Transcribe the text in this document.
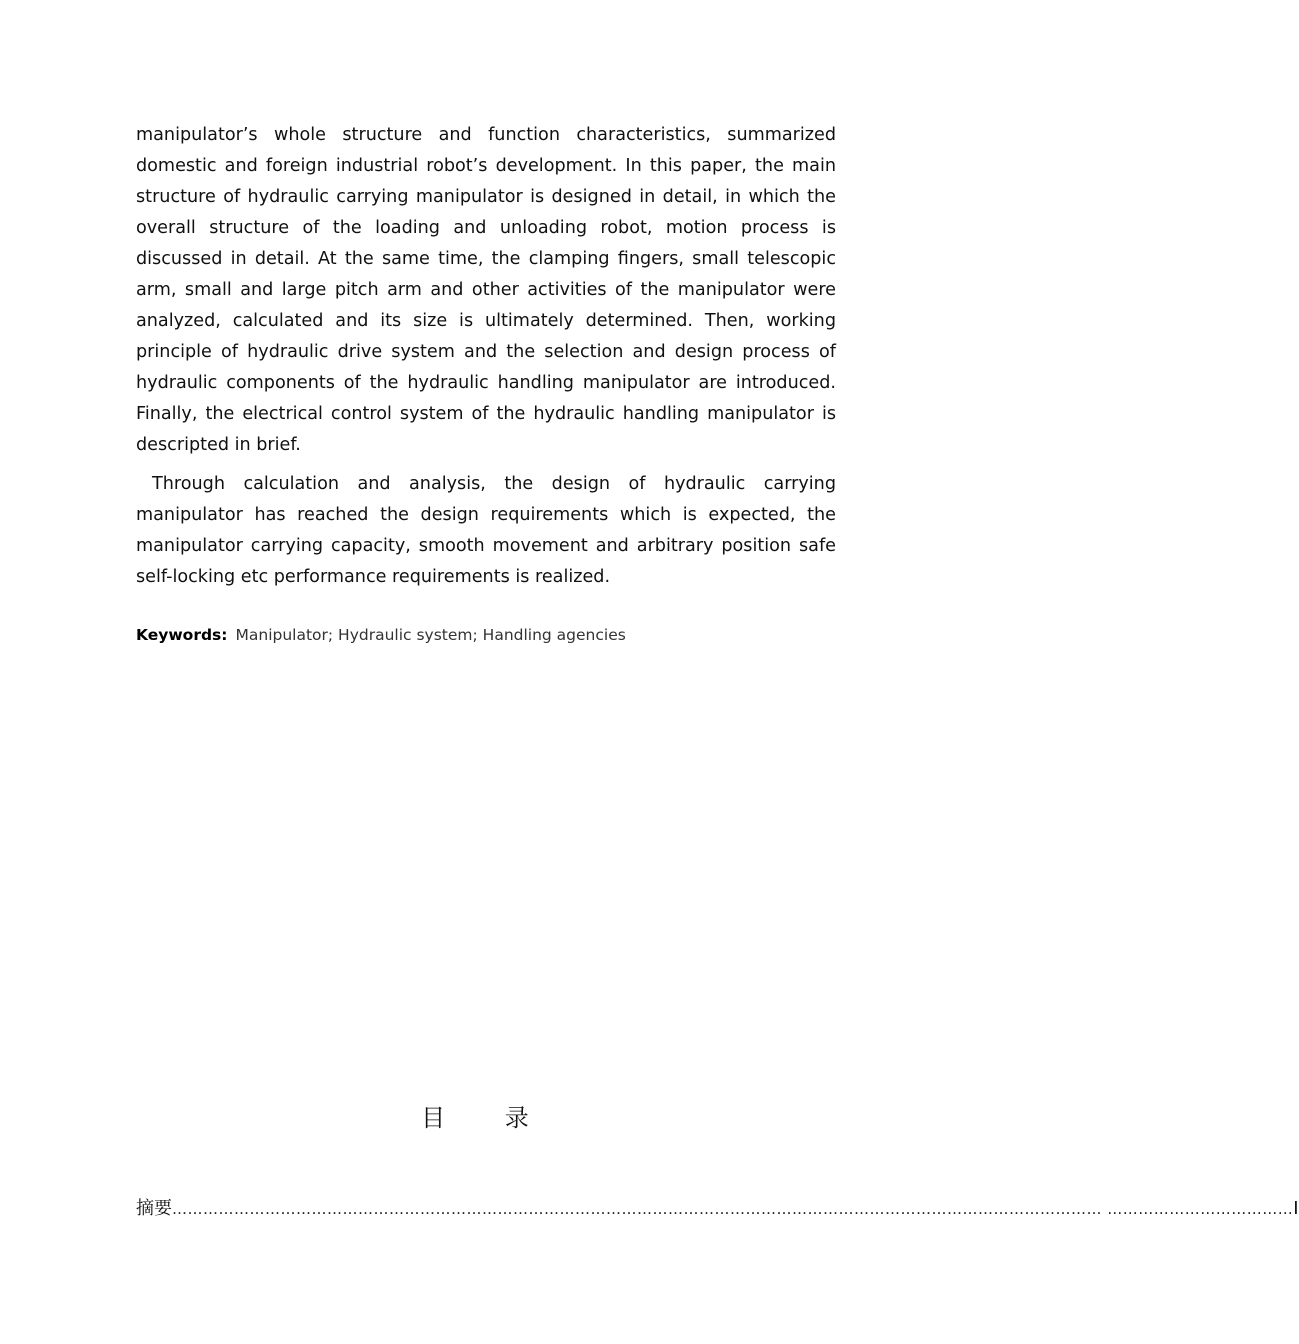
manipulator’s whole structure and function characteristics, summarized domestic and foreign industrial robot’s development. In this paper, the main structure of hydraulic carrying manipulator is designed in detail, in which the overall structure of the loading and unloading robot, motion process is discussed in detail. At the same time, the clamping fingers, small telescopic arm, small and large pitch arm and other activities of the manipulator were analyzed, calculated and its size is ultimately determined. Then, working principle of hydraulic drive system and the selection and design process of hydraulic components of the hydraulic handling manipulator are introduced. Finally, the electrical control system of the hydraulic handling manipulator is descripted in brief.

Through calculation and analysis, the design of hydraulic carrying manipulator has reached the design requirements which is expected, the manipulator carrying capacity, smooth movement and arbitrary position safe self-locking etc performance requirements is realized.

Keywords: Manipulator; Hydraulic system; Handling agencies
目 录
摘要 ……………………………………………………………………………………………………………………………………………………………… ……………………………… I
